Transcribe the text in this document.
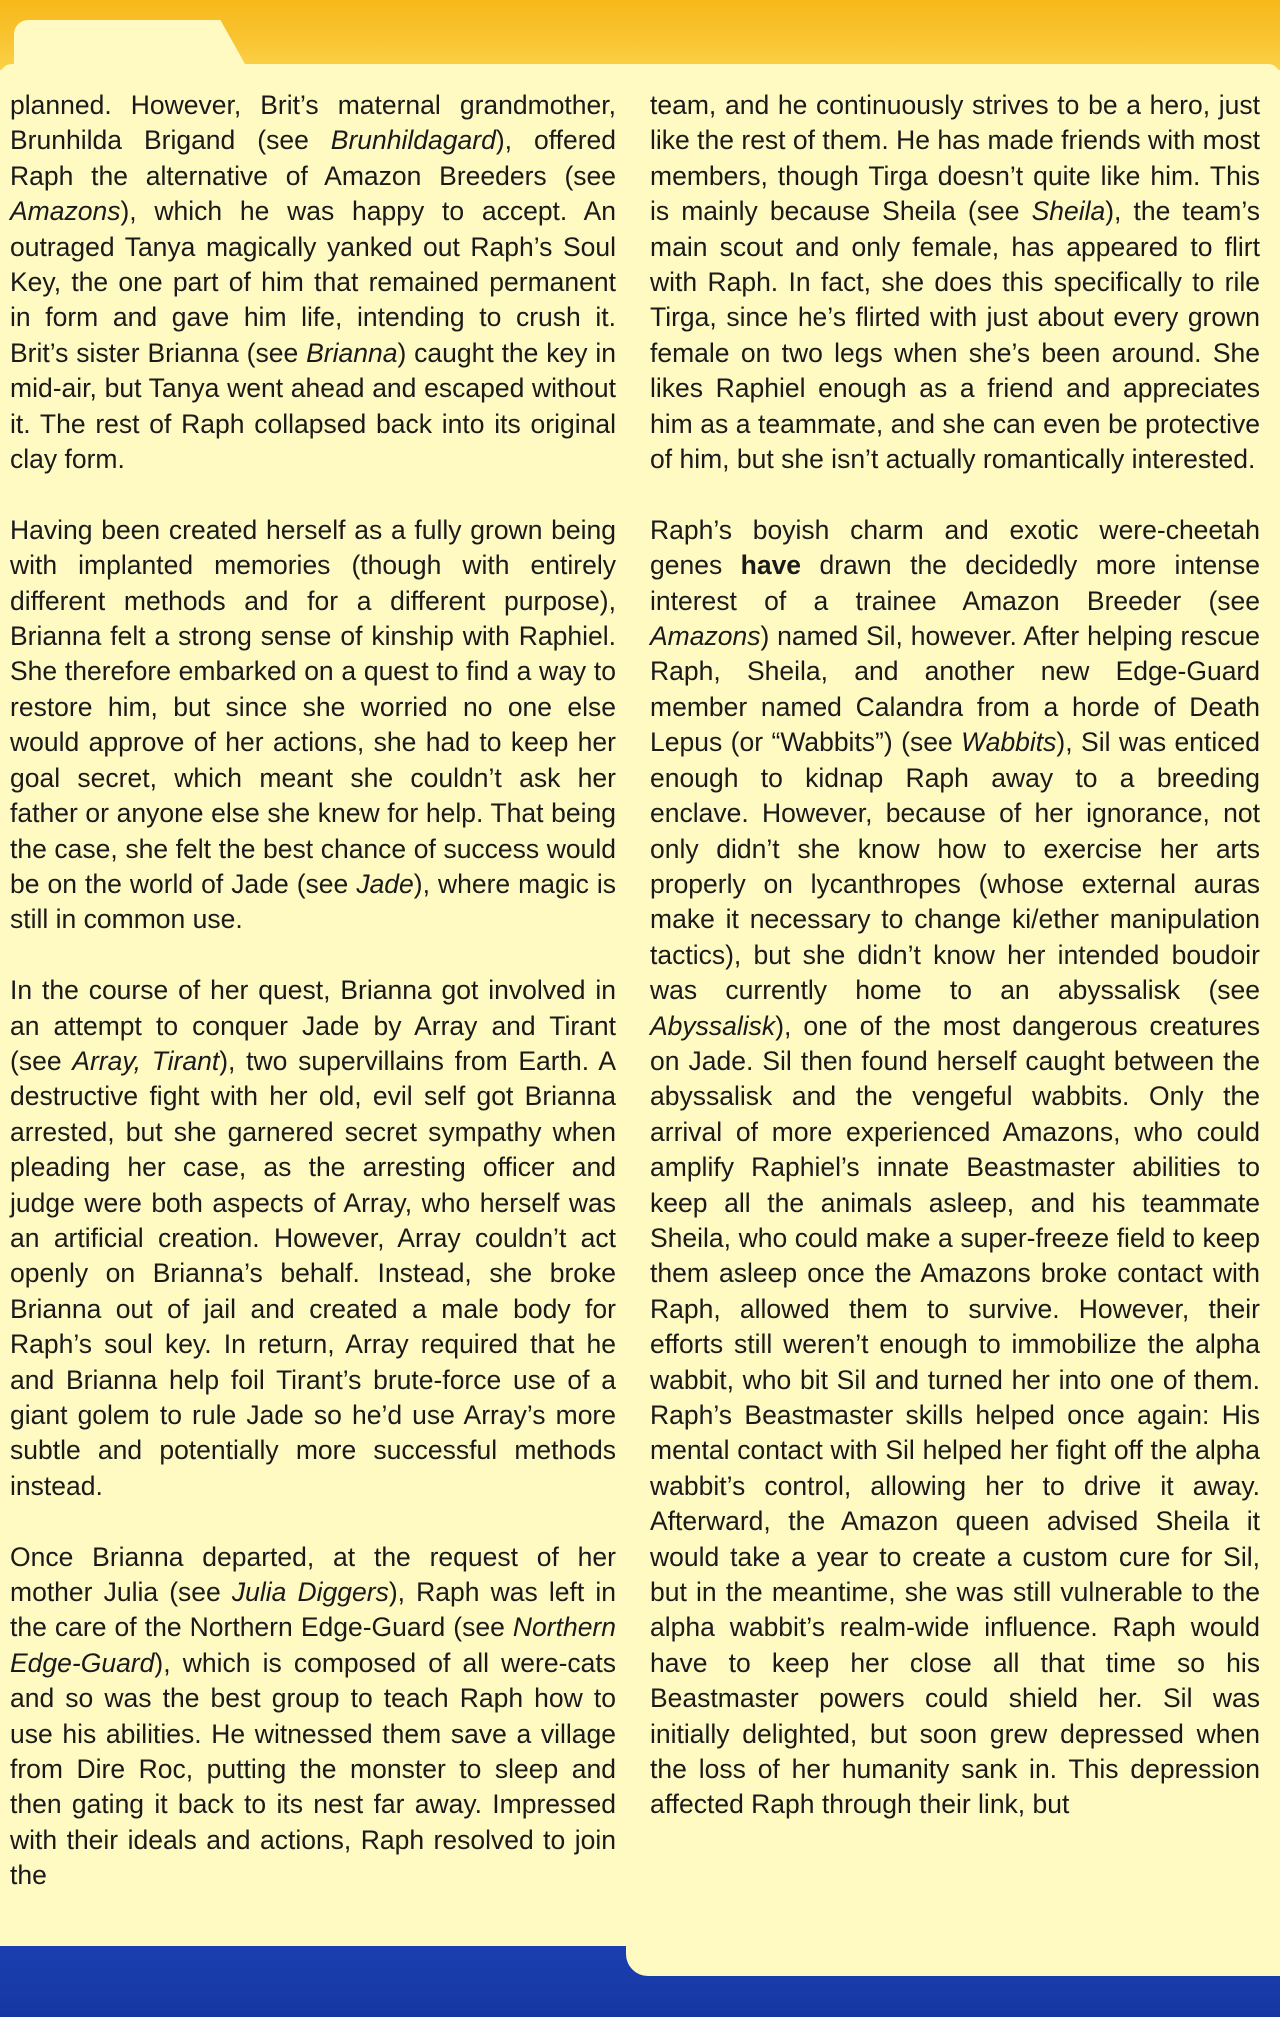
planned. However, Brit’s maternal grandmother, Brunhilda Brigand (see Brunhildagard), offered Raph the alternative of Amazon Breeders (see Amazons), which he was happy to accept. An outraged Tanya magically yanked out Raph’s Soul Key, the one part of him that remained permanent in form and gave him life, intending to crush it. Brit’s sister Brianna (see Brianna) caught the key in mid-air, but Tanya went ahead and escaped without it. The rest of Raph collapsed back into its original clay form.

Having been created herself as a fully grown being with implanted memories (though with entirely different methods and for a different purpose), Brianna felt a strong sense of kinship with Raphiel. She therefore embarked on a quest to find a way to restore him, but since she worried no one else would approve of her actions, she had to keep her goal secret, which meant she couldn’t ask her father or anyone else she knew for help. That being the case, she felt the best chance of success would be on the world of Jade (see Jade), where magic is still in common use.

In the course of her quest, Brianna got involved in an attempt to conquer Jade by Array and Tirant (see Array, Tirant), two supervillains from Earth. A destructive fight with her old, evil self got Brianna arrested, but she garnered secret sympathy when pleading her case, as the arresting officer and judge were both aspects of Array, who herself was an artificial creation. However, Array couldn’t act openly on Brianna’s behalf. Instead, she broke Brianna out of jail and created a male body for Raph’s soul key. In return, Array required that he and Brianna help foil Tirant’s brute-force use of a giant golem to rule Jade so he’d use Array’s more subtle and potentially more successful methods instead.

Once Brianna departed, at the request of her mother Julia (see Julia Diggers), Raph was left in the care of the Northern Edge-Guard (see Northern Edge-Guard), which is composed of all were-cats and so was the best group to teach Raph how to use his abilities. He witnessed them save a village from Dire Roc, putting the monster to sleep and then gating it back to its nest far away. Impressed with their ideals and actions, Raph resolved to join the

team, and he continuously strives to be a hero, just like the rest of them. He has made friends with most members, though Tirga doesn’t quite like him. This is mainly because Sheila (see Sheila), the team’s main scout and only female, has appeared to flirt with Raph. In fact, she does this specifically to rile Tirga, since he’s flirted with just about every grown female on two legs when she’s been around. She likes Raphiel enough as a friend and appreciates him as a teammate, and she can even be protective of him, but she isn’t actually romantically interested.

Raph’s boyish charm and exotic were-cheetah genes have drawn the decidedly more intense interest of a trainee Amazon Breeder (see Amazons) named Sil, however. After helping rescue Raph, Sheila, and another new Edge-Guard member named Calandra from a horde of Death Lepus (or “Wabbits”) (see Wabbits), Sil was enticed enough to kidnap Raph away to a breeding enclave. However, because of her ignorance, not only didn’t she know how to exercise her arts properly on lycanthropes (whose external auras make it necessary to change ki/ether manipulation tactics), but she didn’t know her intended boudoir was currently home to an abyssalisk (see Abyssalisk), one of the most dangerous creatures on Jade. Sil then found herself caught between the abyssalisk and the vengeful wabbits. Only the arrival of more experienced Amazons, who could amplify Raphiel’s innate Beastmaster abilities to keep all the animals asleep, and his teammate Sheila, who could make a super-freeze field to keep them asleep once the Amazons broke contact with Raph, allowed them to survive. However, their efforts still weren’t enough to immobilize the alpha wabbit, who bit Sil and turned her into one of them. Raph’s Beastmaster skills helped once again: His mental contact with Sil helped her fight off the alpha wabbit’s control, allowing her to drive it away. Afterward, the Amazon queen advised Sheila it would take a year to create a custom cure for Sil, but in the meantime, she was still vulnerable to the alpha wabbit’s realm-wide influence. Raph would have to keep her close all that time so his Beastmaster powers could shield her. Sil was initially delighted, but soon grew depressed when the loss of her humanity sank in. This depression affected Raph through their link, but
